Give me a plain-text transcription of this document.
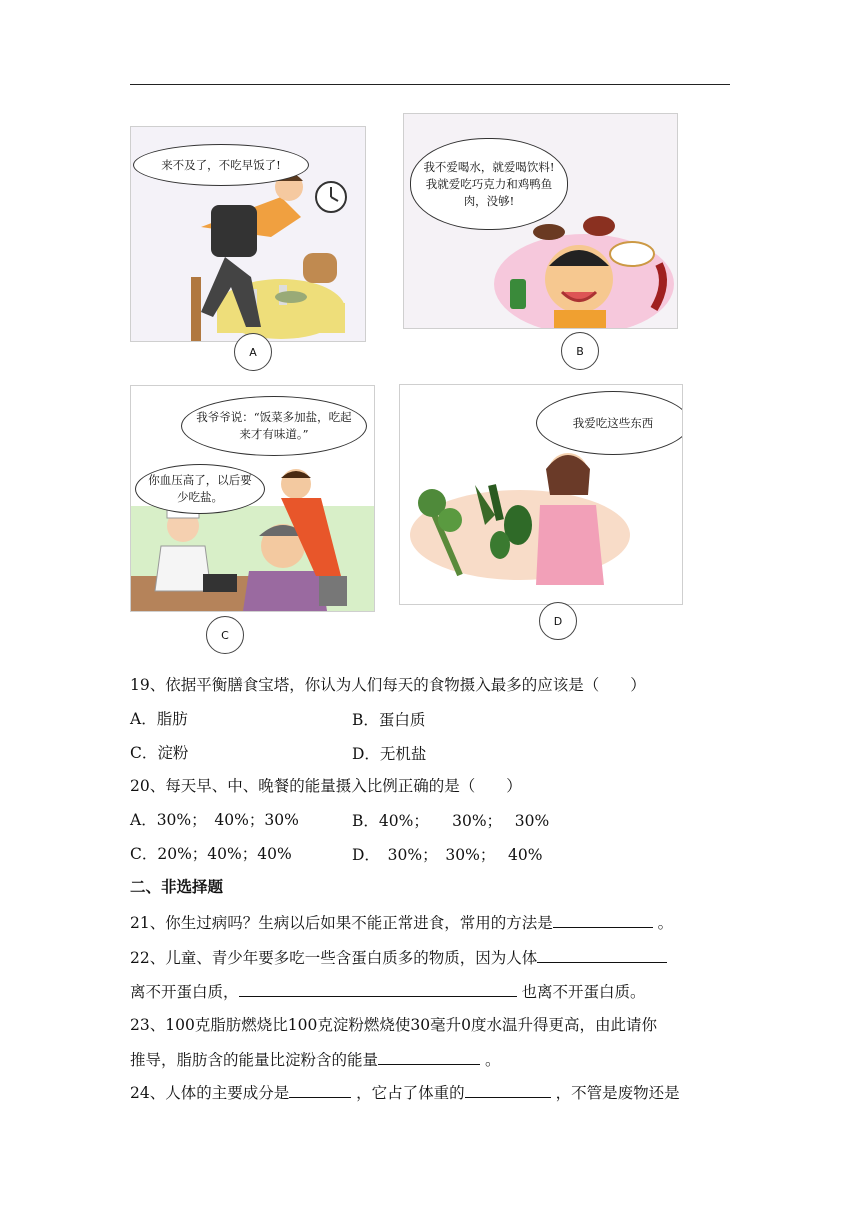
来不及了，不吃早饭了!
A
我不爱喝水，就爱喝饮料! 我就爱吃巧克力和鸡鸭鱼肉，没够!
B
我爷爷说：“饭菜多加盐，吃起来才有味道。”
你血压高了，以后要少吃盐。
C
我爱吃这些东西
D
19、依据平衡膳食宝塔，你认为人们每天的食物摄入最多的应该是（　　）
A．脂肪	B．蛋白质
C．淀粉	D．无机盐
20、每天早、中、晚餐的能量摄入比例正确的是（　　）
A．30%；　40%；30%	B．40%；　　30%；　 30%
C．20%；40%；40%	D．　30%；　30%；　 40%
二、非选择题
21、你生过病吗？生病以后如果不能正常进食，常用的方法是	。
22、儿童、青少年要多吃一些含蛋白质多的物质，因为人体
离不开蛋白质，	也离不开蛋白质。
23、100克脂肪燃烧比100克淀粉燃烧使30毫升0度水温升得更高，由此请你
推导，脂肪含的能量比淀粉含的能量	。
24、人体的主要成分是	，它占了体重的	，不管是废物还是
